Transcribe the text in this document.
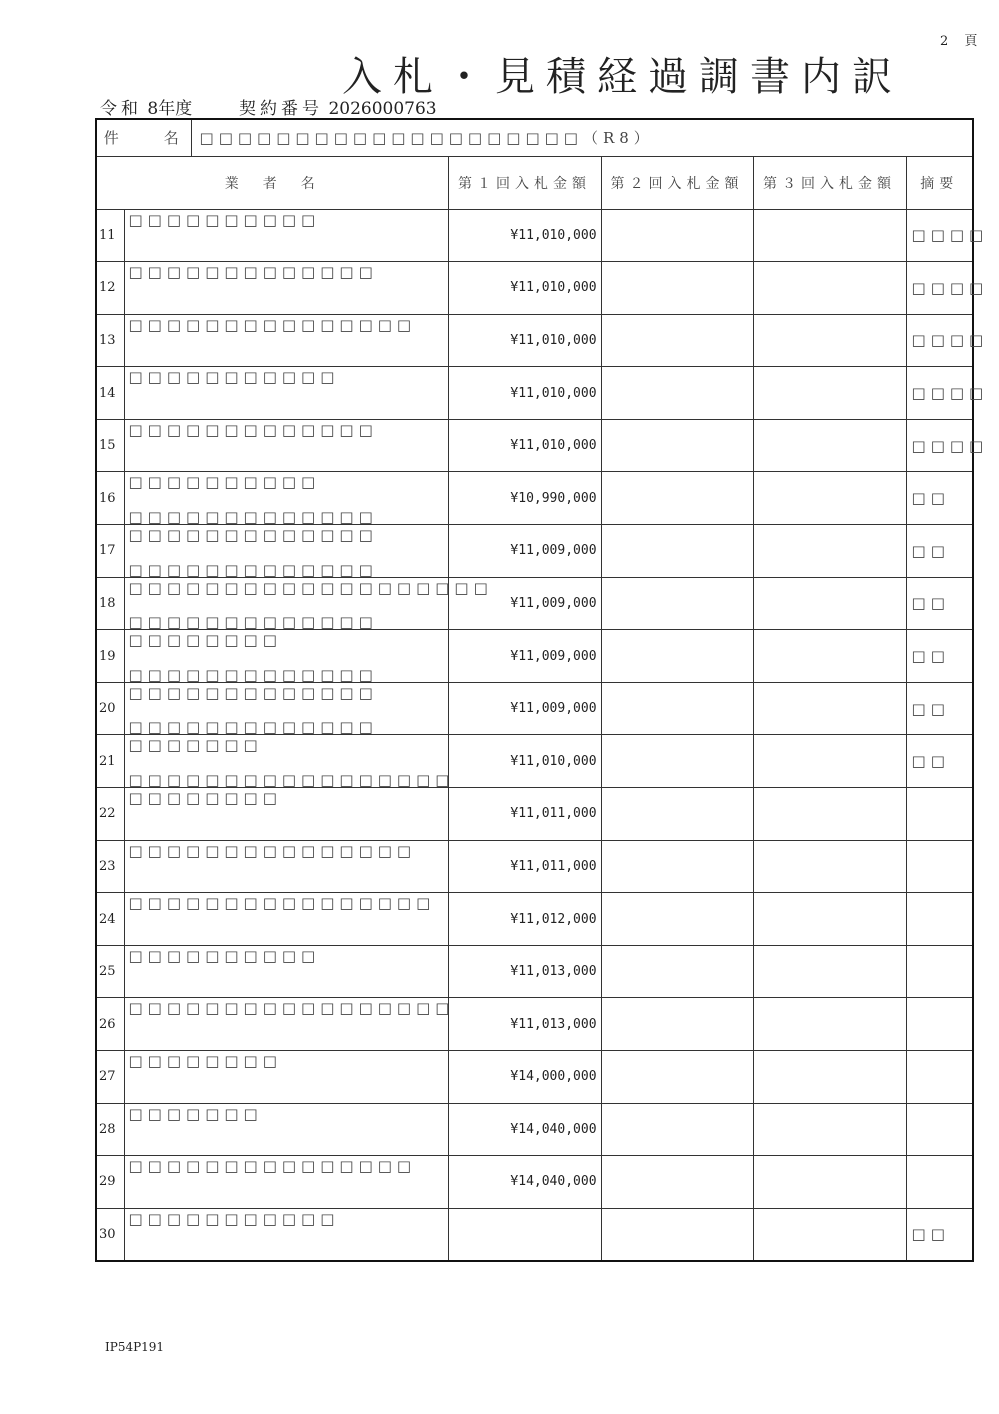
2 頁
入札・見積経過調書内訳
令和 8年度	契約番号 2026000763
件　　名		□□□□□□□□□□□□□□□□□□□□（R8）				
業　者　名			第１回入札金額	第２回入札金額	第３回入札金額	摘要
11	□□□□□□□□□□		¥11,010,000			□□□□
12	□□□□□□□□□□□□□		¥11,010,000			□□□□
13	□□□□□□□□□□□□□□□		¥11,010,000			□□□□
14	□□□□□□□□□□□		¥11,010,000			□□□□
15	□□□□□□□□□□□□□		¥11,010,000			□□□□
16	□□□□□□□□□□
□□□□□□□□□□□□□		¥10,990,000			□□
17	□□□□□□□□□□□□□
□□□□□□□□□□□□□		¥11,009,000			□□
18	□□□□□□□□□□□□□□□□□□□
□□□□□□□□□□□□□		¥11,009,000			□□
19	□□□□□□□□
□□□□□□□□□□□□□		¥11,009,000			□□
20	□□□□□□□□□□□□□
□□□□□□□□□□□□□		¥11,009,000			□□
21	□□□□□□□
□□□□□□□□□□□□□□□□□		¥11,010,000			□□
22	□□□□□□□□		¥11,011,000			
23	□□□□□□□□□□□□□□□		¥11,011,000			
24	□□□□□□□□□□□□□□□□		¥11,012,000			
25	□□□□□□□□□□		¥11,013,000			
26	□□□□□□□□□□□□□□□□□		¥11,013,000			
27	□□□□□□□□		¥14,000,000			
28	□□□□□□□		¥14,040,000			
29	□□□□□□□□□□□□□□□		¥14,040,000			
30	□□□□□□□□□□□					□□
IP54P191
